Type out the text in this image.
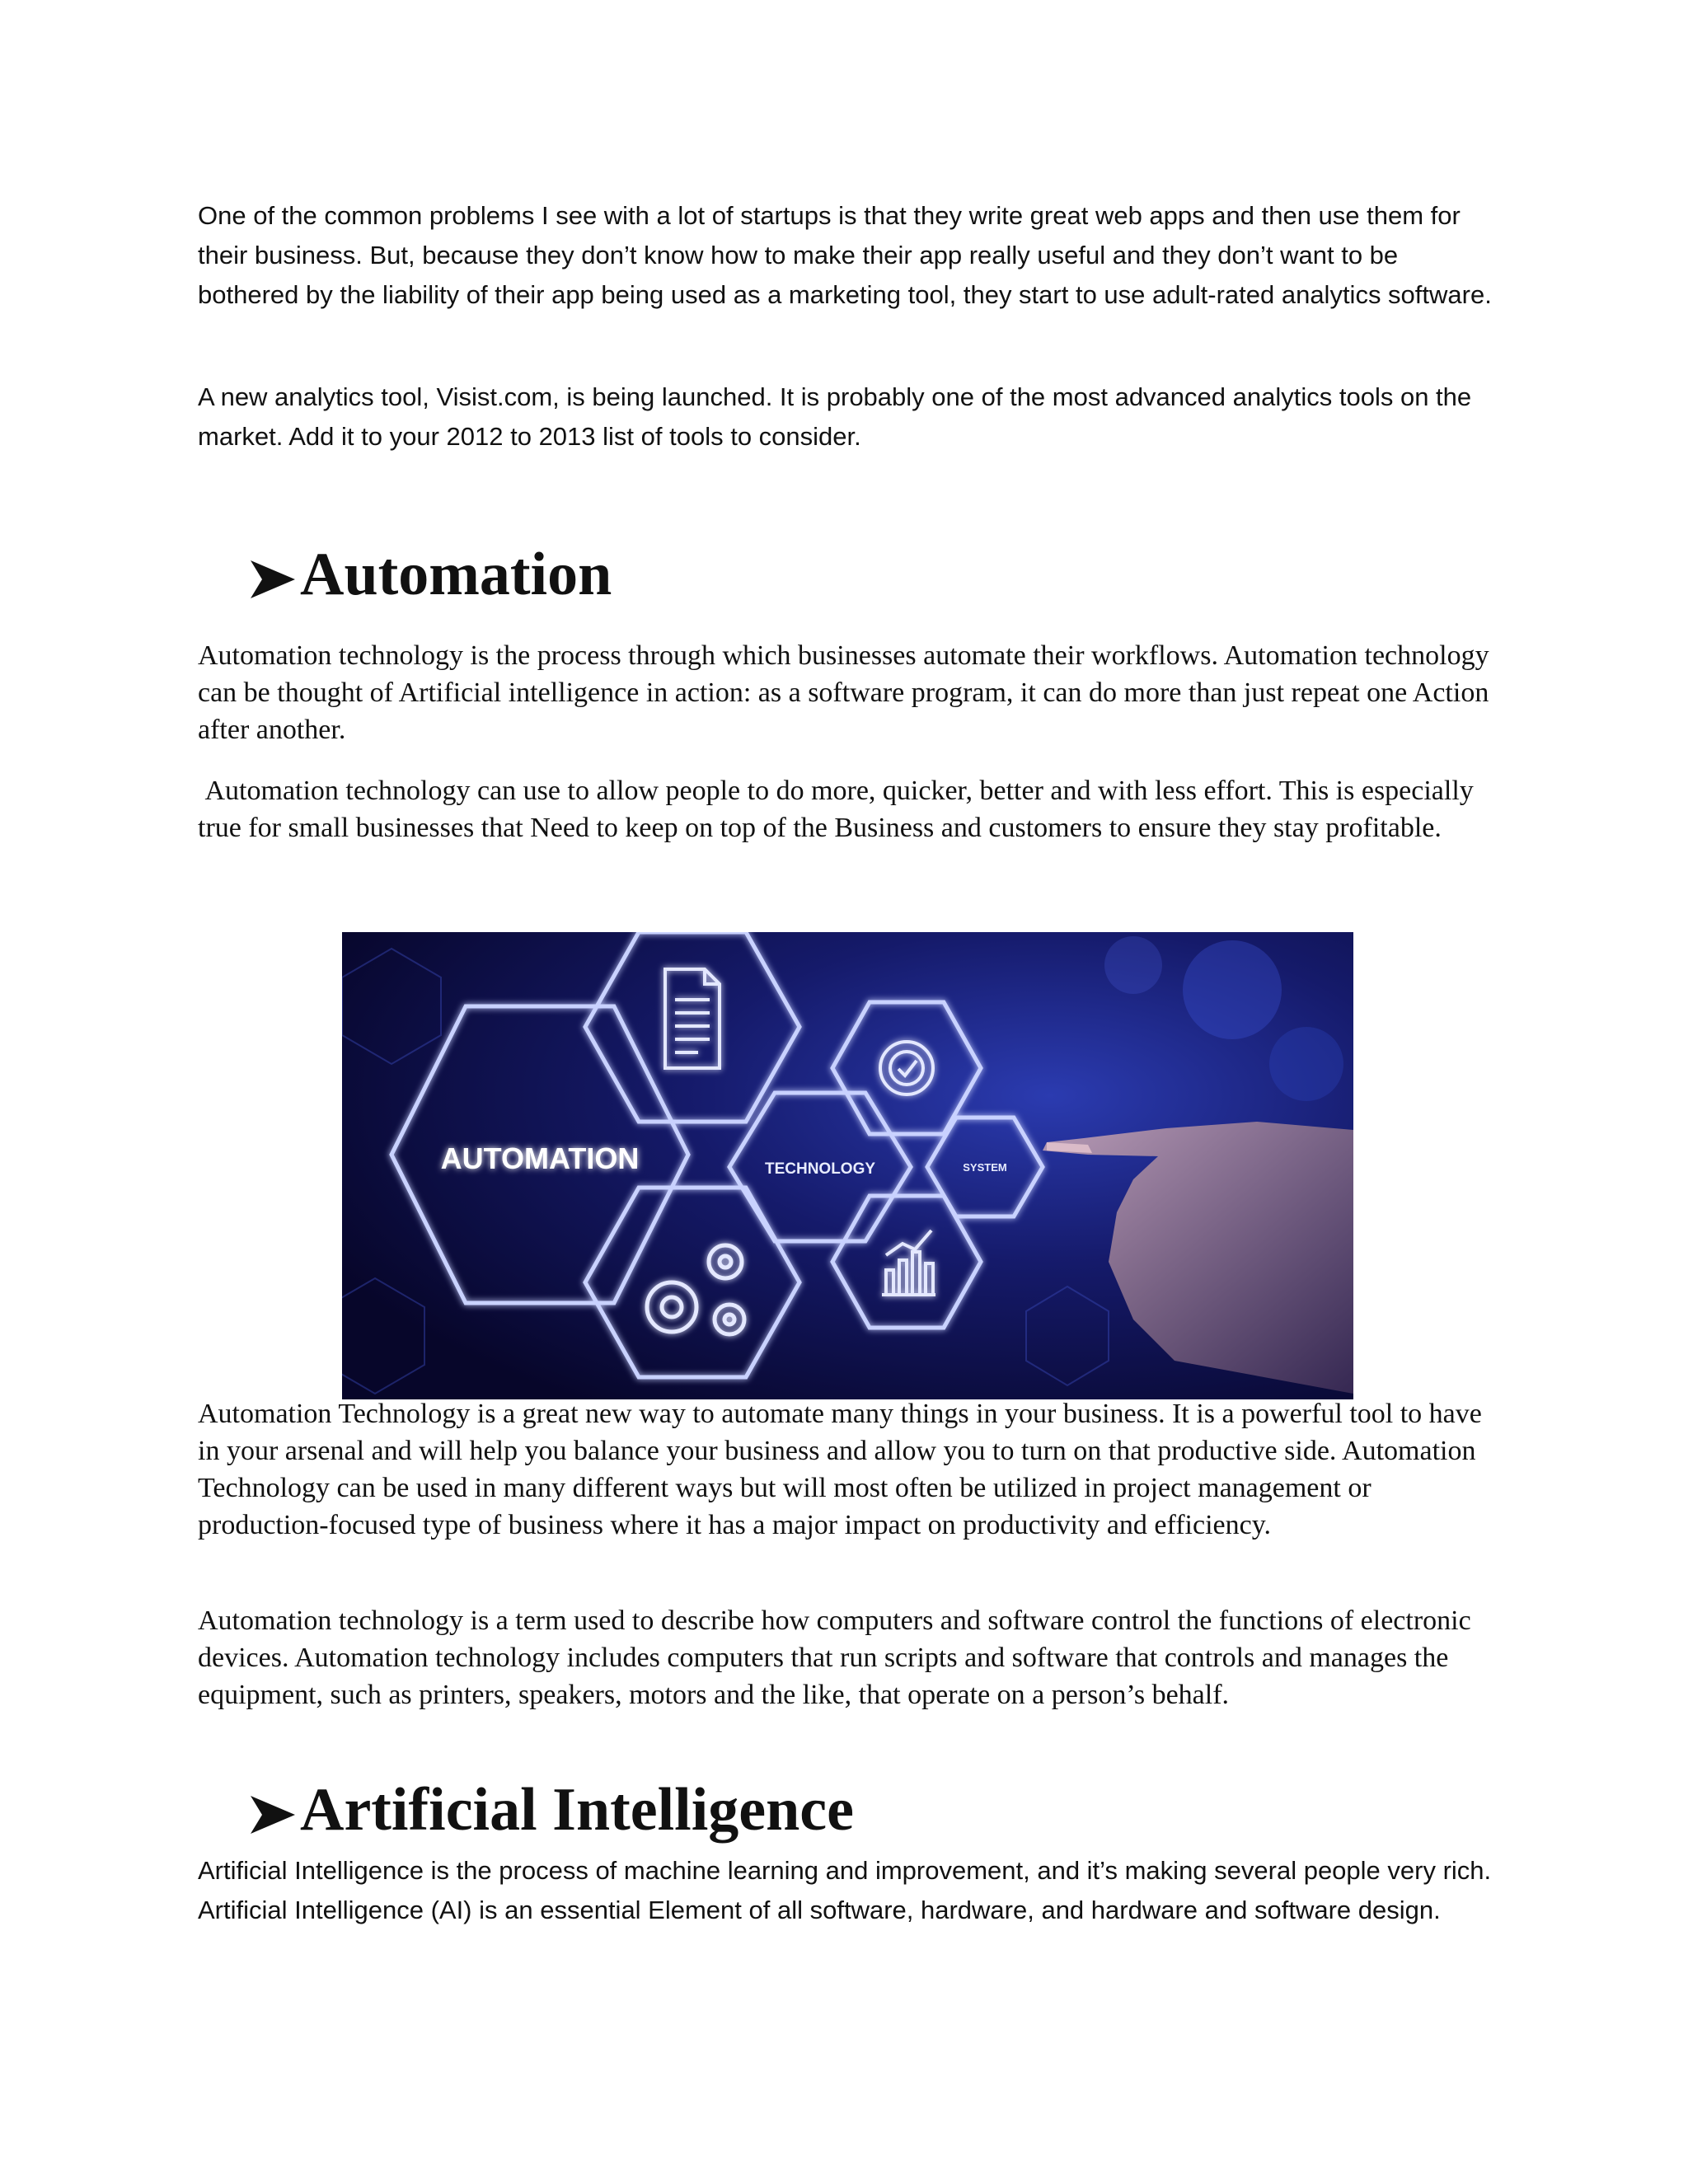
One of the common problems I see with a lot of startups is that they write great web apps and then use them for their business. But, because they don’t know how to make their app really useful and they don’t want to be bothered by the liability of their app being used as a marketing tool, they start to use adult-rated analytics software.

A new analytics tool, Visist.com, is being launched. It is probably one of the most advanced analytics tools on the market. Add it to your 2012 to 2013 list of tools to consider.

Automation

Automation technology is the process through which businesses automate their workflows. Automation technology can be thought of Artificial intelligence in action: as a software program, it can do more than just repeat one Action after another.

Automation technology can use to allow people to do more, quicker, better and with less effort. This is especially true for small businesses that Need to keep on top of the Business and customers to ensure they stay profitable.

AUTOMATION	TECHNOLOGY	SYSTEM

Automation Technology is a great new way to automate many things in your business. It is a powerful tool to have in your arsenal and will help you balance your business and allow you to turn on that productive side. Automation Technology can be used in many different ways but will most often be utilized in project management or production-focused type of business where it has a major impact on productivity and efficiency.

Automation technology is a term used to describe how computers and software control the functions of electronic devices. Automation technology includes computers that run scripts and software that controls and manages the equipment, such as printers, speakers, motors and the like, that operate on a person’s behalf.

Artificial Intelligence

Artificial Intelligence is the process of machine learning and improvement, and it’s making several people very rich. Artificial Intelligence (AI) is an essential Element of all software, hardware, and hardware and software design.
